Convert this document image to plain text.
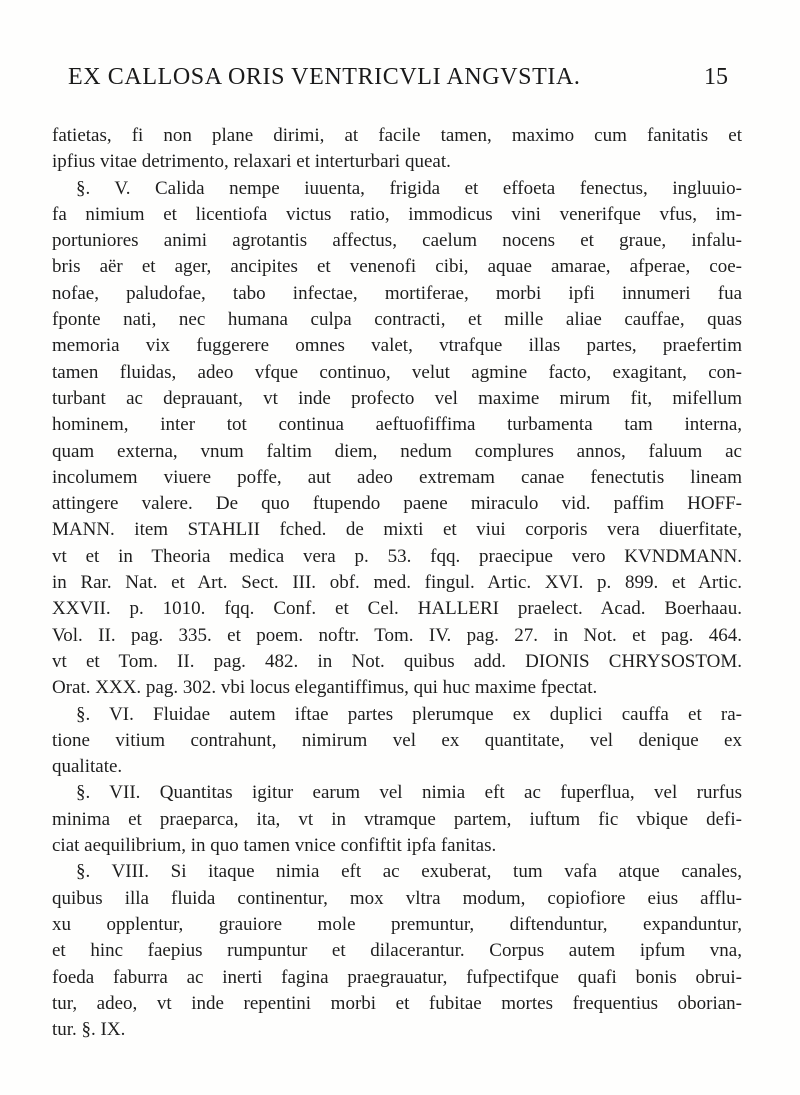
EX CALLOSA ORIS VENTRICVLI ANGVSTIA.	15
fatietas, fi non plane dirimi, at facile tamen, maximo cum fanitatis et
ipfius vitae detrimento, relaxari et interturbari queat.
§. V. Calida nempe iuuenta, frigida et effoeta fenectus, ingluuio-
fa nimium et licentiofa victus ratio, immodicus vini venerifque vfus, im-
portuniores animi agrotantis affectus, caelum nocens et graue, infalu-
bris aër et ager, ancipites et venenofi cibi, aquae amarae, afperae, coe-
nofae, paludofae, tabo infectae, mortiferae, morbi ipfi innumeri fua
fponte nati, nec humana culpa contracti, et mille aliae cauffae, quas
memoria vix fuggerere omnes valet, vtrafque illas partes, praefertim
tamen fluidas, adeo vfque continuo, velut agmine facto, exagitant, con-
turbant ac deprauant, vt inde profecto vel maxime mirum fit, mifellum
hominem, inter tot continua aeftuofiffima turbamenta tam interna,
quam externa, vnum faltim diem, nedum complures annos, faluum ac
incolumem viuere poffe, aut adeo extremam canae fenectutis lineam
attingere valere. De quo ftupendo paene miraculo vid. paffim HOFF-
MANN. item STAHLII fched. de mixti et viui corporis vera diuerfitate,
vt et in Theoria medica vera p. 53. fqq. praecipue vero KVNDMANN.
in Rar. Nat. et Art. Sect. III. obf. med. fingul. Artic. XVI. p. 899. et Artic.
XXVII. p. 1010. fqq. Conf. et Cel. HALLERI praelect. Acad. Boerhaau.
Vol. II. pag. 335. et poem. noftr. Tom. IV. pag. 27. in Not. et pag. 464.
vt et Tom. II. pag. 482. in Not. quibus add. DIONIS CHRYSOSTOM.
Orat. XXX. pag. 302. vbi locus elegantiffimus, qui huc maxime fpectat.
§. VI. Fluidae autem iftae partes plerumque ex duplici cauffa et ra-
tione vitium contrahunt, nimirum vel ex quantitate, vel denique ex
qualitate.
§. VII. Quantitas igitur earum vel nimia eft ac fuperflua, vel rurfus
minima et praeparca, ita, vt in vtramque partem, iuftum fic vbique defi-
ciat aequilibrium, in quo tamen vnice confiftit ipfa fanitas.
§. VIII. Si itaque nimia eft ac exuberat, tum vafa atque canales,
quibus illa fluida continentur, mox vltra modum, copiofiore eius afflu-
xu opplentur, grauiore mole premuntur, diftenduntur, expanduntur,
et hinc faepius rumpuntur et dilacerantur. Corpus autem ipfum vna,
foeda faburra ac inerti fagina praegrauatur, fufpectifque quafi bonis obrui-
tur, adeo, vt inde repentini morbi et fubitae mortes frequentius oborian-
tur. §. IX.
